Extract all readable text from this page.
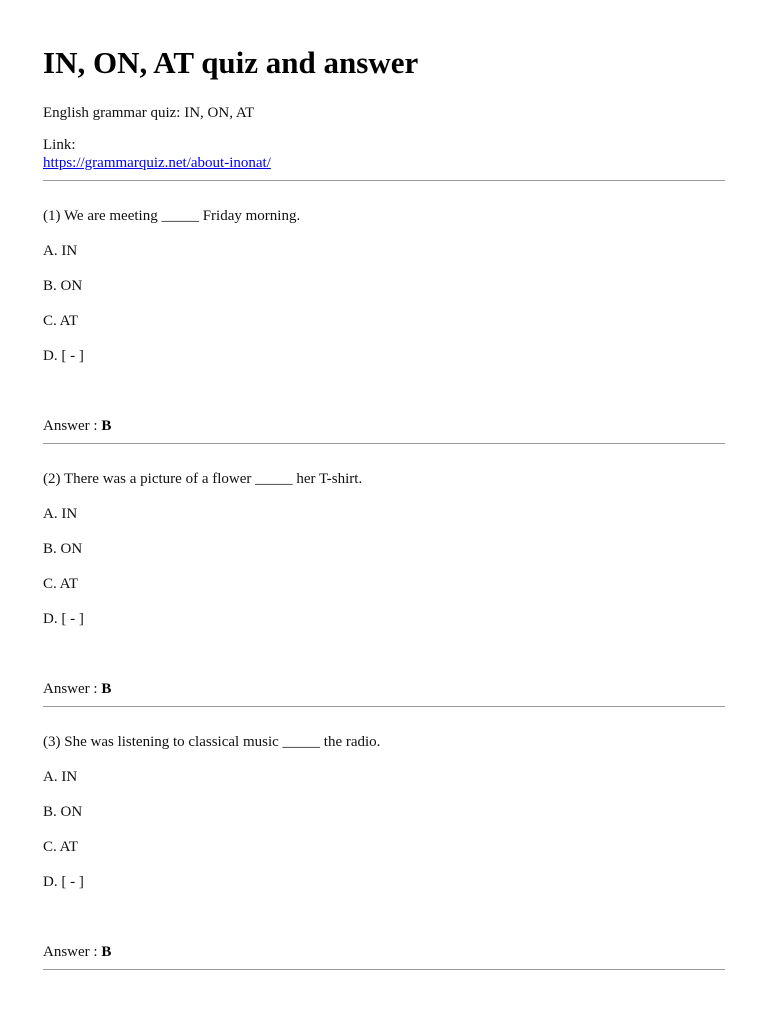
IN, ON, AT quiz and answer
English grammar quiz: IN, ON, AT
Link:
https://grammarquiz.net/about-inonat/
(1) We are meeting _____ Friday morning.
A. IN
B. ON
C. AT
D. [ - ]
Answer : B
(2) There was a picture of a flower _____ her T-shirt.
A. IN
B. ON
C. AT
D. [ - ]
Answer : B
(3) She was listening to classical music _____ the radio.
A. IN
B. ON
C. AT
D. [ - ]
Answer : B
